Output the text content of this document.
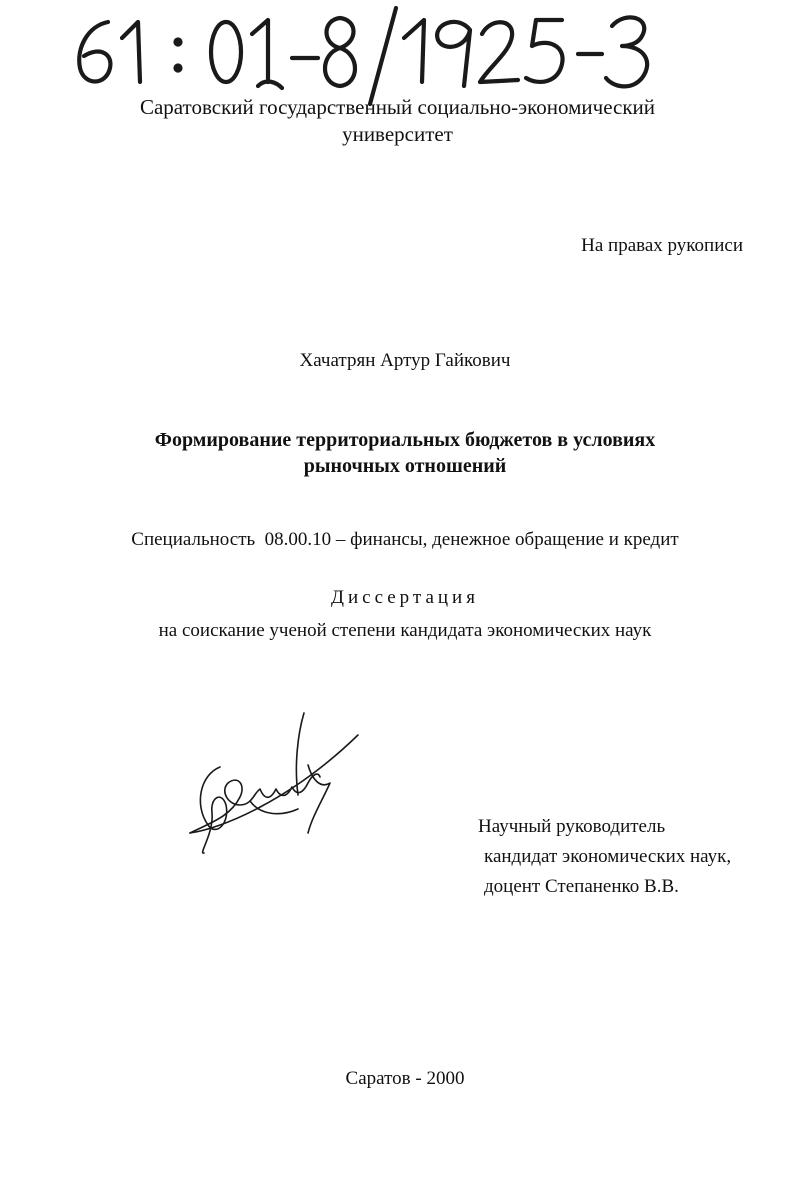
Саратовский государственный социально-экономический
университет
На правах рукописи
Хачатрян Артур Гайкович
Формирование территориальных бюджетов в условиях
рыночных отношений
Специальность  08.00.10 – финансы, денежное обращение и кредит
Диссертация
на соискание ученой степени кандидата экономических наук
Научный руководитель
кандидат экономических наук,
доцент Степаненко В.В.
Саратов - 2000
